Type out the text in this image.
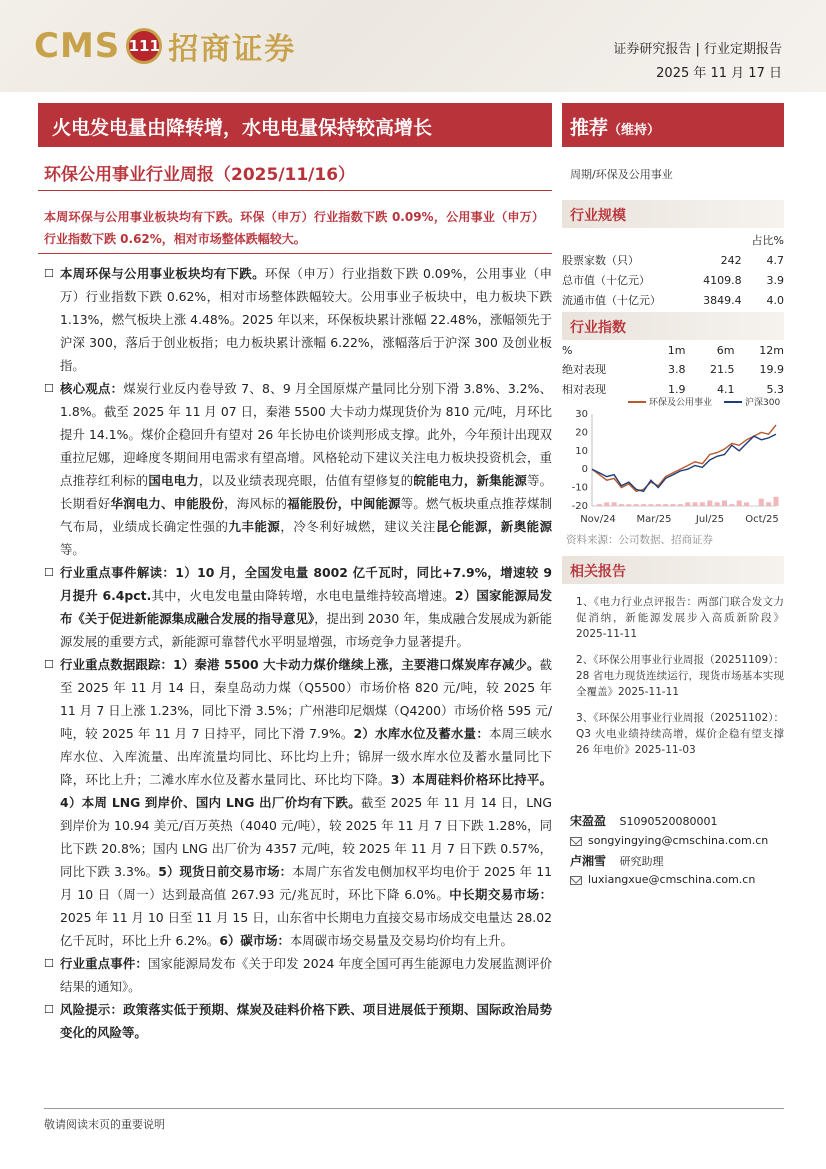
CMS 111 招商证券	证券研究报告 | 行业定期报告
2025 年 11 月 17 日
火电发电量由降转增，水电电量保持较高增长	推荐（维持）
环保公用事业行业周报（2025/11/16）	周期/环保及公用事业
本周环保与公用事业板块均有下跌。环保（申万）行业指数下跌 0.09%，公用事业（申万）行业指数下跌 0.62%，相对市场整体跌幅较大。
☐ 本周环保与公用事业板块均有下跌。环保（申万）行业指数下跌 0.09%，公用事业（申万）行业指数下跌 0.62%，相对市场整体跌幅较大。公用事业子板块中，电力板块下跌 1.13%，燃气板块上涨 4.48%。2025 年以来，环保板块累计涨幅 22.48%，涨幅领先于沪深 300，落后于创业板指；电力板块累计涨幅 6.22%，涨幅落后于沪深 300 及创业板指。
☐ 核心观点：煤炭行业反内卷导致 7、8、9 月全国原煤产量同比分别下滑 3.8%、3.2%、1.8%。截至 2025 年 11 月 07 日，秦港 5500 大卡动力煤现货价为 810 元/吨，月环比提升 14.1%。煤价企稳回升有望对 26 年长协电价谈判形成支撑。此外，今年预计出现双重拉尼娜，迎峰度冬期间用电需求有望高增。风格轮动下建议关注电力板块投资机会，重点推荐红利标的国电电力，以及业绩表现亮眼，估值有望修复的皖能电力，新集能源等。长期看好华润电力、申能股份，海风标的福能股份，中闽能源等。燃气板块重点推荐煤制气布局，业绩成长确定性强的九丰能源，冷冬利好城燃，建议关注昆仑能源，新奥能源等。
☐ 行业重点事件解读：1）10 月，全国发电量 8002 亿千瓦时，同比+7.9%，增速较 9 月提升 6.4pct.其中，火电发电量由降转增，水电电量维持较高增速。2）国家能源局发布《关于促进新能源集成融合发展的指导意见》，提出到 2030 年，集成融合发展成为新能源发展的重要方式，新能源可靠替代水平明显增强，市场竞争力显著提升。
☐ 行业重点数据跟踪：1）秦港 5500 大卡动力煤价继续上涨，主要港口煤炭库存减少。截至 2025 年 11 月 14 日，秦皇岛动力煤（Q5500）市场价格 820 元/吨，较 2025 年 11 月 7 日上涨 1.23%，同比下滑 3.5%；广州港印尼烟煤（Q4200）市场价格 595 元/吨，较 2025 年 11 月 7 日持平，同比下滑 7.9%。2）水库水位及蓄水量：本周三峡水库水位、入库流量、出库流量均同比、环比均上升；锦屏一级水库水位及蓄水量同比下降，环比上升；二滩水库水位及蓄水量同比、环比均下降。3）本周硅料价格环比持平。4）本周 LNG 到岸价、国内 LNG 出厂价均有下跌。截至 2025 年 11 月 14 日，LNG 到岸价为 10.94 美元/百万英热（4040 元/吨），较 2025 年 11 月 7 日下跌 1.28%，同比下跌 20.8%；国内 LNG 出厂价为 4357 元/吨，较 2025 年 11 月 7 日下跌 0.57%，同比下跌 3.3%。5）现货日前交易市场：本周广东省发电侧加权平均电价于 2025 年 11 月 10 日（周一）达到最高值 267.93 元/兆瓦时，环比下降 6.0%。中长期交易市场： 2025 年 11 月 10 日至 11 月 15 日，山东省中长期电力直接交易市场成交电量达 28.02 亿千瓦时，环比上升 6.2%。6）碳市场：本周碳市场交易量及交易均价均有上升。
☐ 行业重点事件：国家能源局发布《关于印发 2024 年度全国可再生能源电力发展监测评价结果的通知》。
☐ 风险提示：政策落实低于预期、煤炭及硅料价格下跌、项目进展低于预期、国际政治局势变化的风险等。
行业规模
		占比%
股票家数（只）	242	4.7
总市值（十亿元）	4109.8	3.9
流通市值（十亿元）	3849.4	4.0
行业指数
%	1m	6m	12m
绝对表现	3.8	21.5	19.9
相对表现	1.9	4.1	5.3
30
20
10
0
-10
-20
Nov/24 Mar/25 Jul/25 Oct/25
环保及公用事业	沪深300
资料来源：公司数据、招商证券
相关报告
1、《电力行业点评报告：两部门联合发文力促消纳，新能源发展步入高质新阶段》2025-11-11
2、《环保公用事业行业周报（20251109）：28 省电力现货连续运行，现货市场基本实现全覆盖》2025-11-11
3、《环保公用事业行业周报（20251102）：Q3 火电业绩持续高增，煤价企稳有望支撑 26 年电价》2025-11-03
宋盈盈 S1090520080001
songyingying@cmschina.com.cn
卢湘雪 研究助理
luxiangxue@cmschina.com.cn
敬请阅读末页的重要说明
